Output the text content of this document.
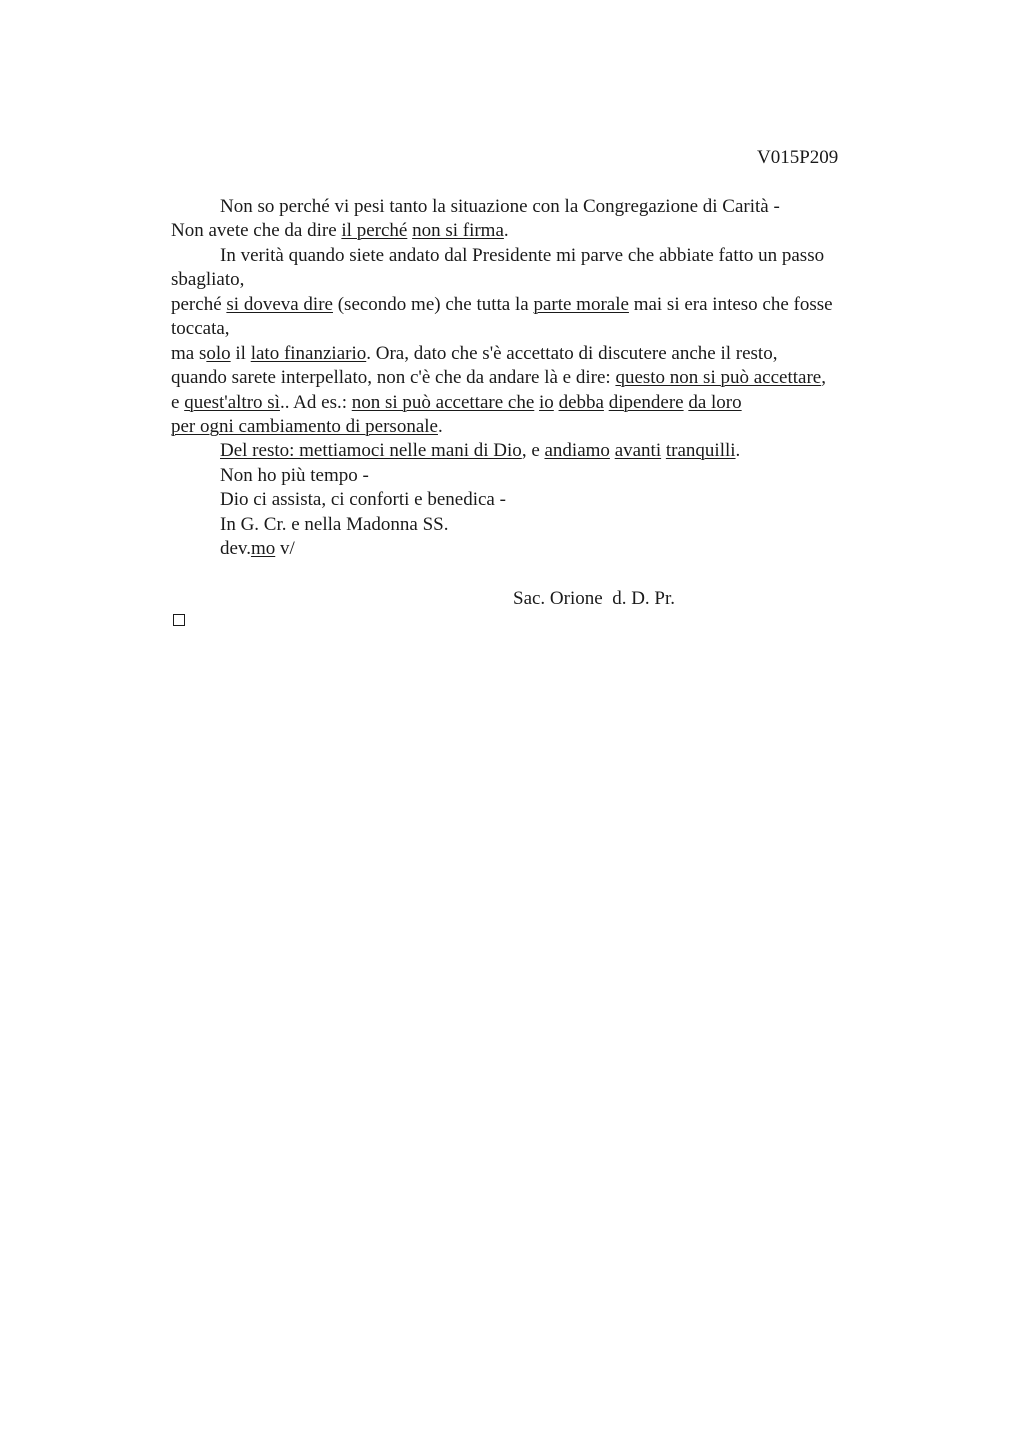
V015P209
Non so perché vi pesi tanto la situazione con la Congregazione di Carità -
Non avete che da dire il perché non si firma.
In verità quando siete andato dal Presidente mi parve che abbiate fatto un passo
sbagliato,
perché si doveva dire (secondo me) che tutta la parte morale mai si era inteso che fosse
toccata,
ma solo il lato finanziario. Ora, dato che s'è accettato di discutere anche il resto,
quando sarete interpellato, non c'è che da andare là e dire: questo non si può accettare,
e quest'altro sì.. Ad es.: non si può accettare che io debba dipendere da loro
per ogni cambiamento di personale.
Del resto: mettiamoci nelle mani di Dio, e andiamo avanti tranquilli.
Non ho più tempo -
Dio ci assista, ci conforti e benedica -
In G. Cr. e nella Madonna SS.
dev.mo v/
Sac. Orione  d. D. Pr.
